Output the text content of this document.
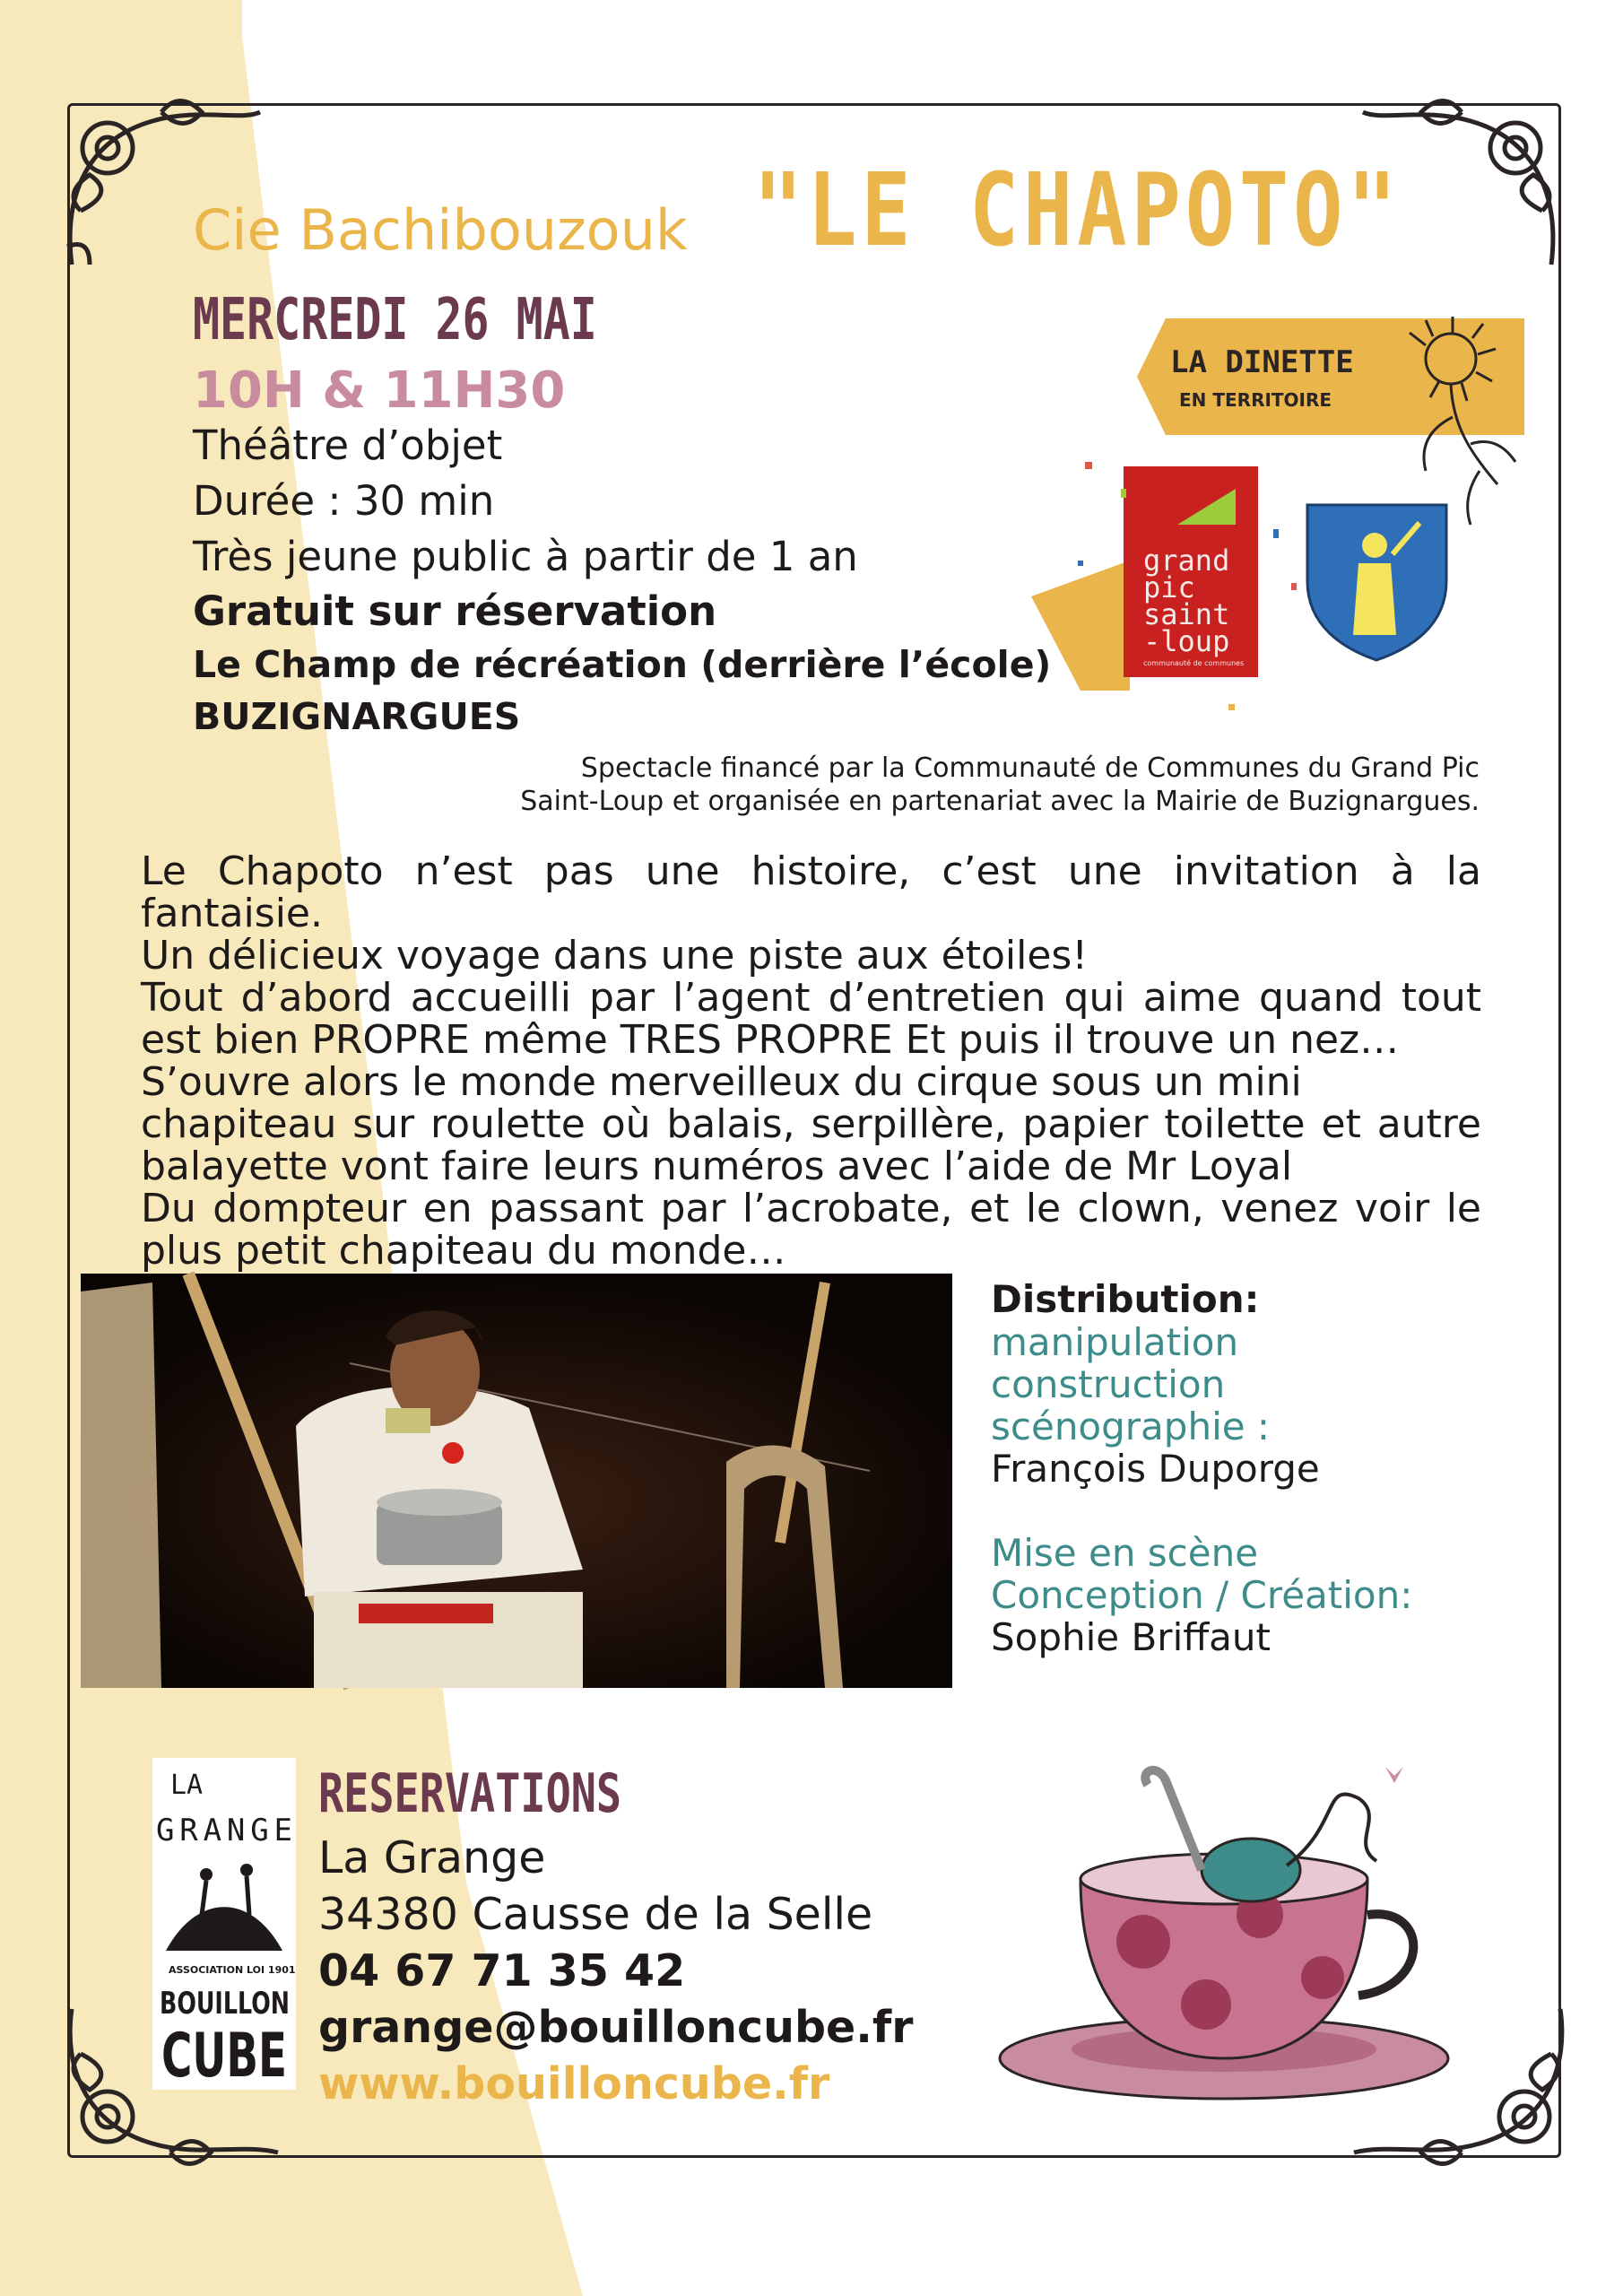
Cie Bachibouzouk "LE CHAPOTO"
MERCREDI 26 MAI
10H & 11H30
Théâtre d’objet
Durée : 30 min
Très jeune public à partir de 1 an
Gratuit sur réservation
Le Champ de récréation (derrière l’école)
BUZIGNARGUES
LA DINETTE
EN TERRITOIRE
grand
pic
saint
-loup
communauté de communes
Spectacle financé par la Communauté de Communes du Grand Pic
Saint-Loup et organisée en partenariat avec la Mairie de Buzignargues.
Le Chapoto n’est pas une histoire, c’est une invitation à la fantaisie.
Un délicieux voyage dans une piste aux étoiles!
Tout d’abord accueilli par l’agent d’entretien qui aime quand tout
est bien PROPRE même TRES PROPRE Et puis il trouve un nez…
S’ouvre alors le monde merveilleux du cirque sous un mini
chapiteau sur roulette où balais, serpillère, papier toilette et autre
balayette vont faire leurs numéros avec l’aide de Mr Loyal
Du dompteur en passant par l’acrobate, et le clown, venez voir le
plus petit chapiteau du monde…
Distribution:
manipulation
construction
scénographie :
François Duporge
Mise en scène
Conception / Création:
Sophie Briffaut
LA
GRANGE
ASSOCIATION LOI 1901
BOUILLON
CUBE
RESERVATIONS
La Grange
34380 Causse de la Selle
04 67 71 35 42
grange@bouilloncube.fr
www.bouilloncube.fr
